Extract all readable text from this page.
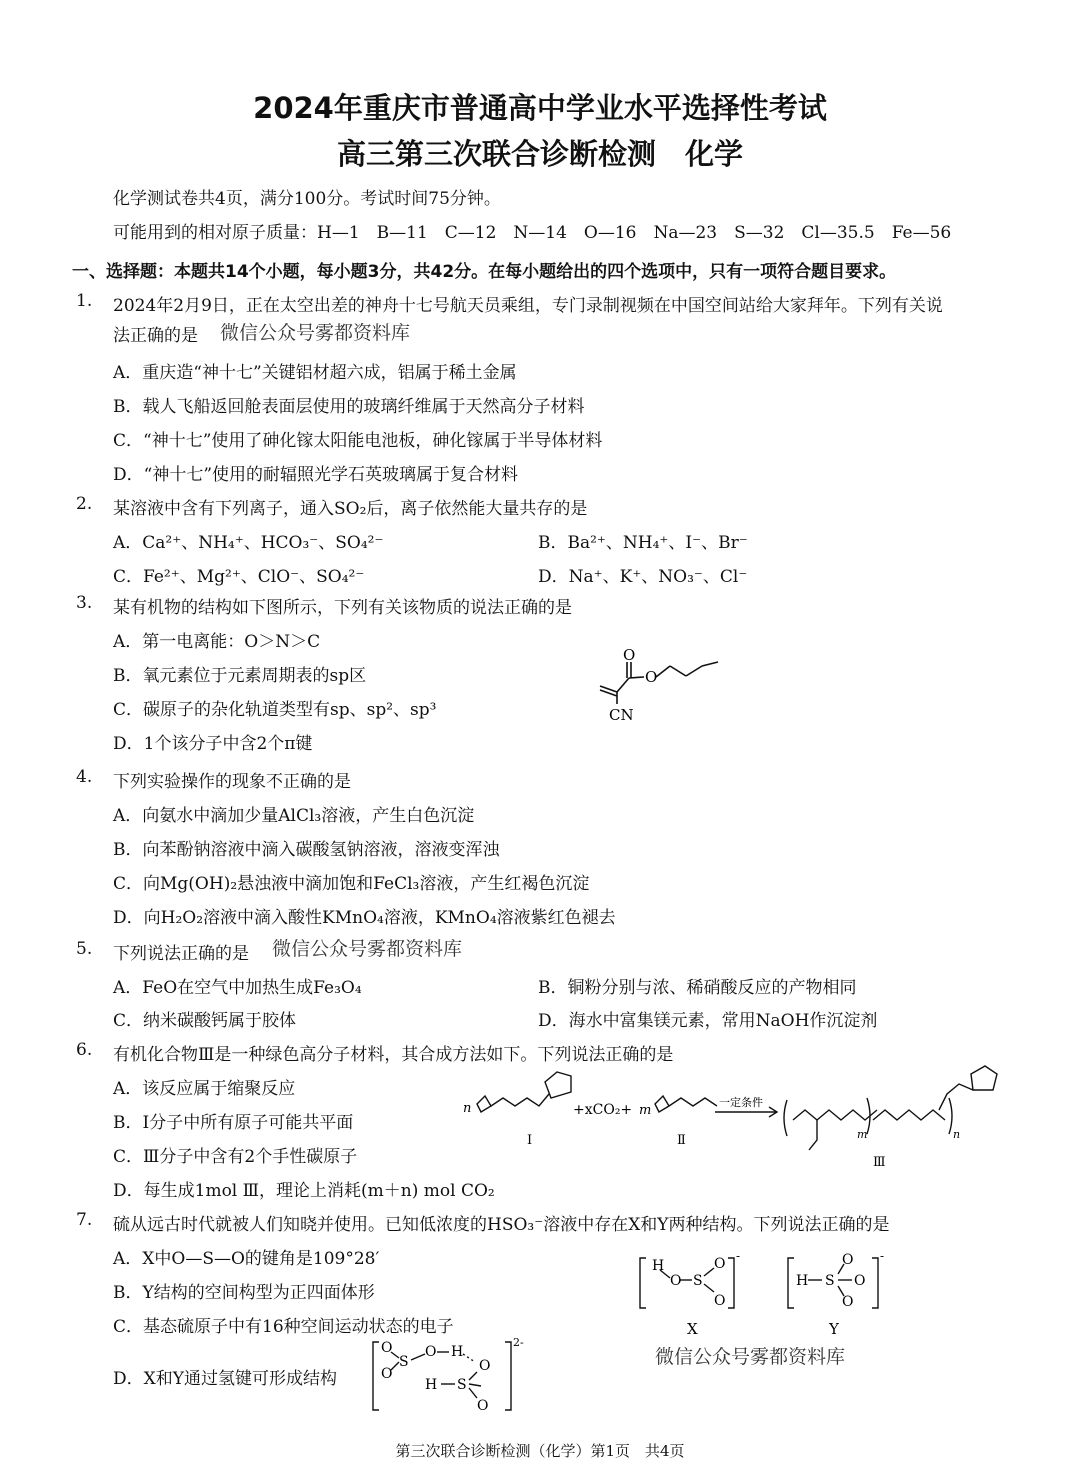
2024年重庆市普通高中学业水平选择性考试
高三第三次联合诊断检测　化学
化学测试卷共4页，满分100分。考试时间75分钟。
可能用到的相对原子质量：H—1　B—11　C—12　N—14　O—16　Na—23　S—32　Cl—35.5　Fe—56
一、选择题：本题共14个小题，每小题3分，共42分。在每小题给出的四个选项中，只有一项符合题目要求。
1. 2024年2月9日，正在太空出差的神舟十七号航天员乘组，专门录制视频在中国空间站给大家拜年。下列有关说
法正确的是 微信公众号雾都资料库
A．重庆造“神十七”关键铝材超六成，铝属于稀土金属
B．载人飞船返回舱表面层使用的玻璃纤维属于天然高分子材料
C．“神十七”使用了砷化镓太阳能电池板，砷化镓属于半导体材料
D．“神十七”使用的耐辐照光学石英玻璃属于复合材料
2. 某溶液中含有下列离子，通入SO₂后，离子依然能大量共存的是
A．Ca²⁺、NH₄⁺、HCO₃⁻、SO₄²⁻	B．Ba²⁺、NH₄⁺、I⁻、Br⁻
C．Fe²⁺、Mg²⁺、ClO⁻、SO₄²⁻	D．Na⁺、K⁺、NO₃⁻、Cl⁻
3. 某有机物的结构如下图所示，下列有关该物质的说法正确的是
A．第一电离能：O＞N＞C
B．氧元素位于元素周期表的sp区
C．碳原子的杂化轨道类型有sp、sp²、sp³
D．1个该分子中含2个π键
O
O
CN
4. 下列实验操作的现象不正确的是
A．向氨水中滴加少量AlCl₃溶液，产生白色沉淀
B．向苯酚钠溶液中滴入碳酸氢钠溶液，溶液变浑浊
C．向Mg(OH)₂悬浊液中滴加饱和FeCl₃溶液，产生红褐色沉淀
D．向H₂O₂溶液中滴入酸性KMnO₄溶液，KMnO₄溶液紫红色褪去
5. 下列说法正确的是 微信公众号雾都资料库
A．FeO在空气中加热生成Fe₃O₄	B．铜粉分别与浓、稀硝酸反应的产物相同
C．纳米碳酸钙属于胶体	D．海水中富集镁元素，常用NaOH作沉淀剂
6. 有机化合物Ⅲ是一种绿色高分子材料，其合成方法如下。下列说法正确的是
A．该反应属于缩聚反应
B．Ⅰ分子中所有原子可能共平面
C．Ⅲ分子中含有2个手性碳原子
D．每生成1mol Ⅲ，理论上消耗(m＋n) mol CO₂
n	+xCO₂+ m
一定条件
Ⅰ	Ⅱ	m	n
Ⅲ
7. 硫从远古时代就被人们知晓并使用。已知低浓度的HSO₃⁻溶液中存在X和Y两种结构。下列说法正确的是
A．X中O—S—O的键角是109°28′
B．Y结构的空间构型为正四面体形
C．基态硫原子中有16种空间运动状态的电子
D．X和Y通过氢键可形成结构
H
O S
O
O
-
H S
O
O
O
-
X	Y
微信公众号雾都资料库
O
S
O H
O
H S
O
O
2-
第三次联合诊断检测（化学）第1页　共4页
